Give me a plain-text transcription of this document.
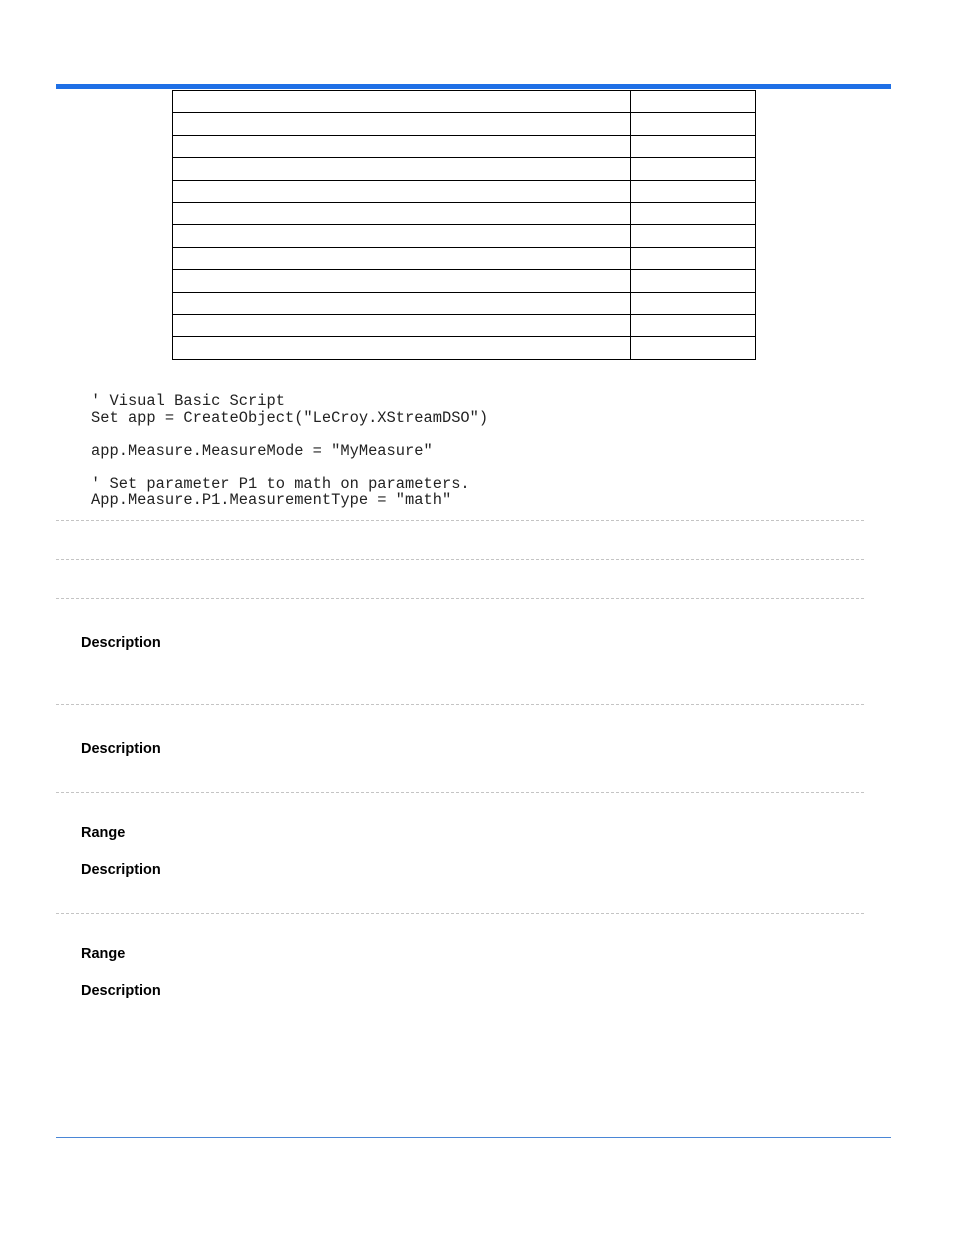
' Visual Basic Script
Set app = CreateObject("LeCroy.XStreamDSO")
app.Measure.MeasureMode = "MyMeasure"
' Set parameter P1 to math on parameters.
App.Measure.P1.MeasurementType = "math"
Description
Description
Range
Description
Range
Description
